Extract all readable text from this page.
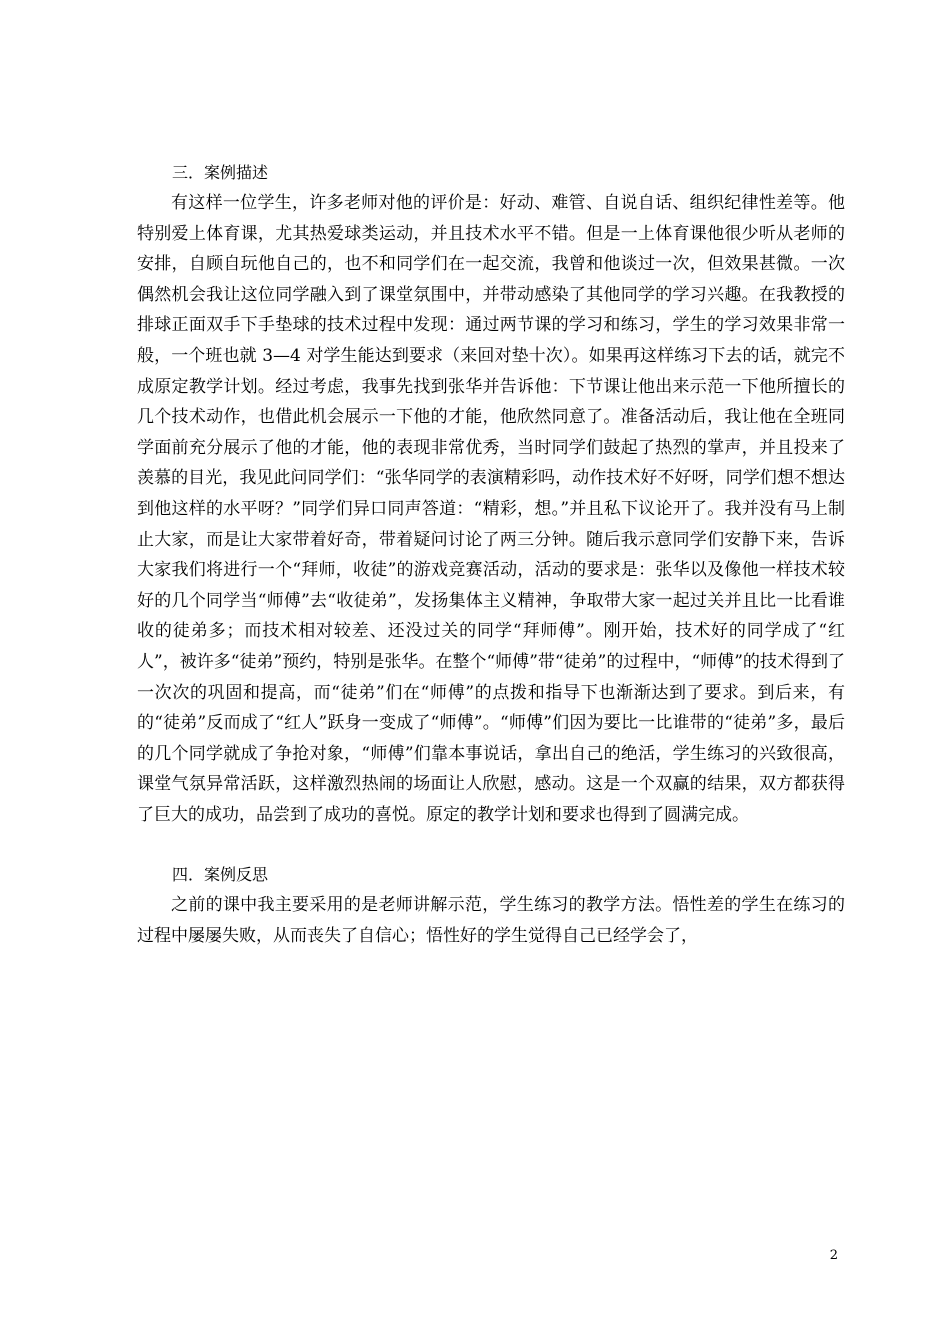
三．案例描述

有这样一位学生，许多老师对他的评价是：好动、难管、自说自话、组织纪律性差等。他特别爱上体育课，尤其热爱球类运动，并且技术水平不错。但是一上体育课他很少听从老师的安排，自顾自玩他自己的，也不和同学们在一起交流，我曾和他谈过一次，但效果甚微。一次偶然机会我让这位同学融入到了课堂氛围中，并带动感染了其他同学的学习兴趣。在我教授的排球正面双手下手垫球的技术过程中发现：通过两节课的学习和练习，学生的学习效果非常一般，一个班也就 3—4 对学生能达到要求（来回对垫十次）。如果再这样练习下去的话，就完不成原定教学计划。经过考虑，我事先找到张华并告诉他：下节课让他出来示范一下他所擅长的几个技术动作，也借此机会展示一下他的才能，他欣然同意了。准备活动后，我让他在全班同学面前充分展示了他的才能，他的表现非常优秀，当时同学们鼓起了热烈的掌声，并且投来了羡慕的目光，我见此问同学们：“张华同学的表演精彩吗，动作技术好不好呀，同学们想不想达到他这样的水平呀？”同学们异口同声答道：“精彩，想。”并且私下议论开了。我并没有马上制止大家，而是让大家带着好奇，带着疑问讨论了两三分钟。随后我示意同学们安静下来，告诉大家我们将进行一个“拜师，收徒”的游戏竞赛活动，活动的要求是：张华以及像他一样技术较好的几个同学当“师傅”去“收徒弟”，发扬集体主义精神，争取带大家一起过关并且比一比看谁收的徒弟多；而技术相对较差、还没过关的同学“拜师傅”。刚开始，技术好的同学成了“红人”，被许多“徒弟”预约，特别是张华。在整个“师傅”带“徒弟”的过程中，“师傅”的技术得到了一次次的巩固和提高，而“徒弟”们在“师傅”的点拨和指导下也渐渐达到了要求。到后来，有的“徒弟”反而成了“红人”跃身一变成了“师傅”。“师傅”们因为要比一比谁带的“徒弟”多，最后的几个同学就成了争抢对象，“师傅”们靠本事说话，拿出自己的绝活，学生练习的兴致很高，课堂气氛异常活跃，这样激烈热闹的场面让人欣慰，感动。这是一个双赢的结果，双方都获得了巨大的成功，品尝到了成功的喜悦。原定的教学计划和要求也得到了圆满完成。

四．案例反思

之前的课中我主要采用的是老师讲解示范，学生练习的教学方法。悟性差的学生在练习的过程中屡屡失败，从而丧失了自信心；悟性好的学生觉得自己已经学会了，

2
